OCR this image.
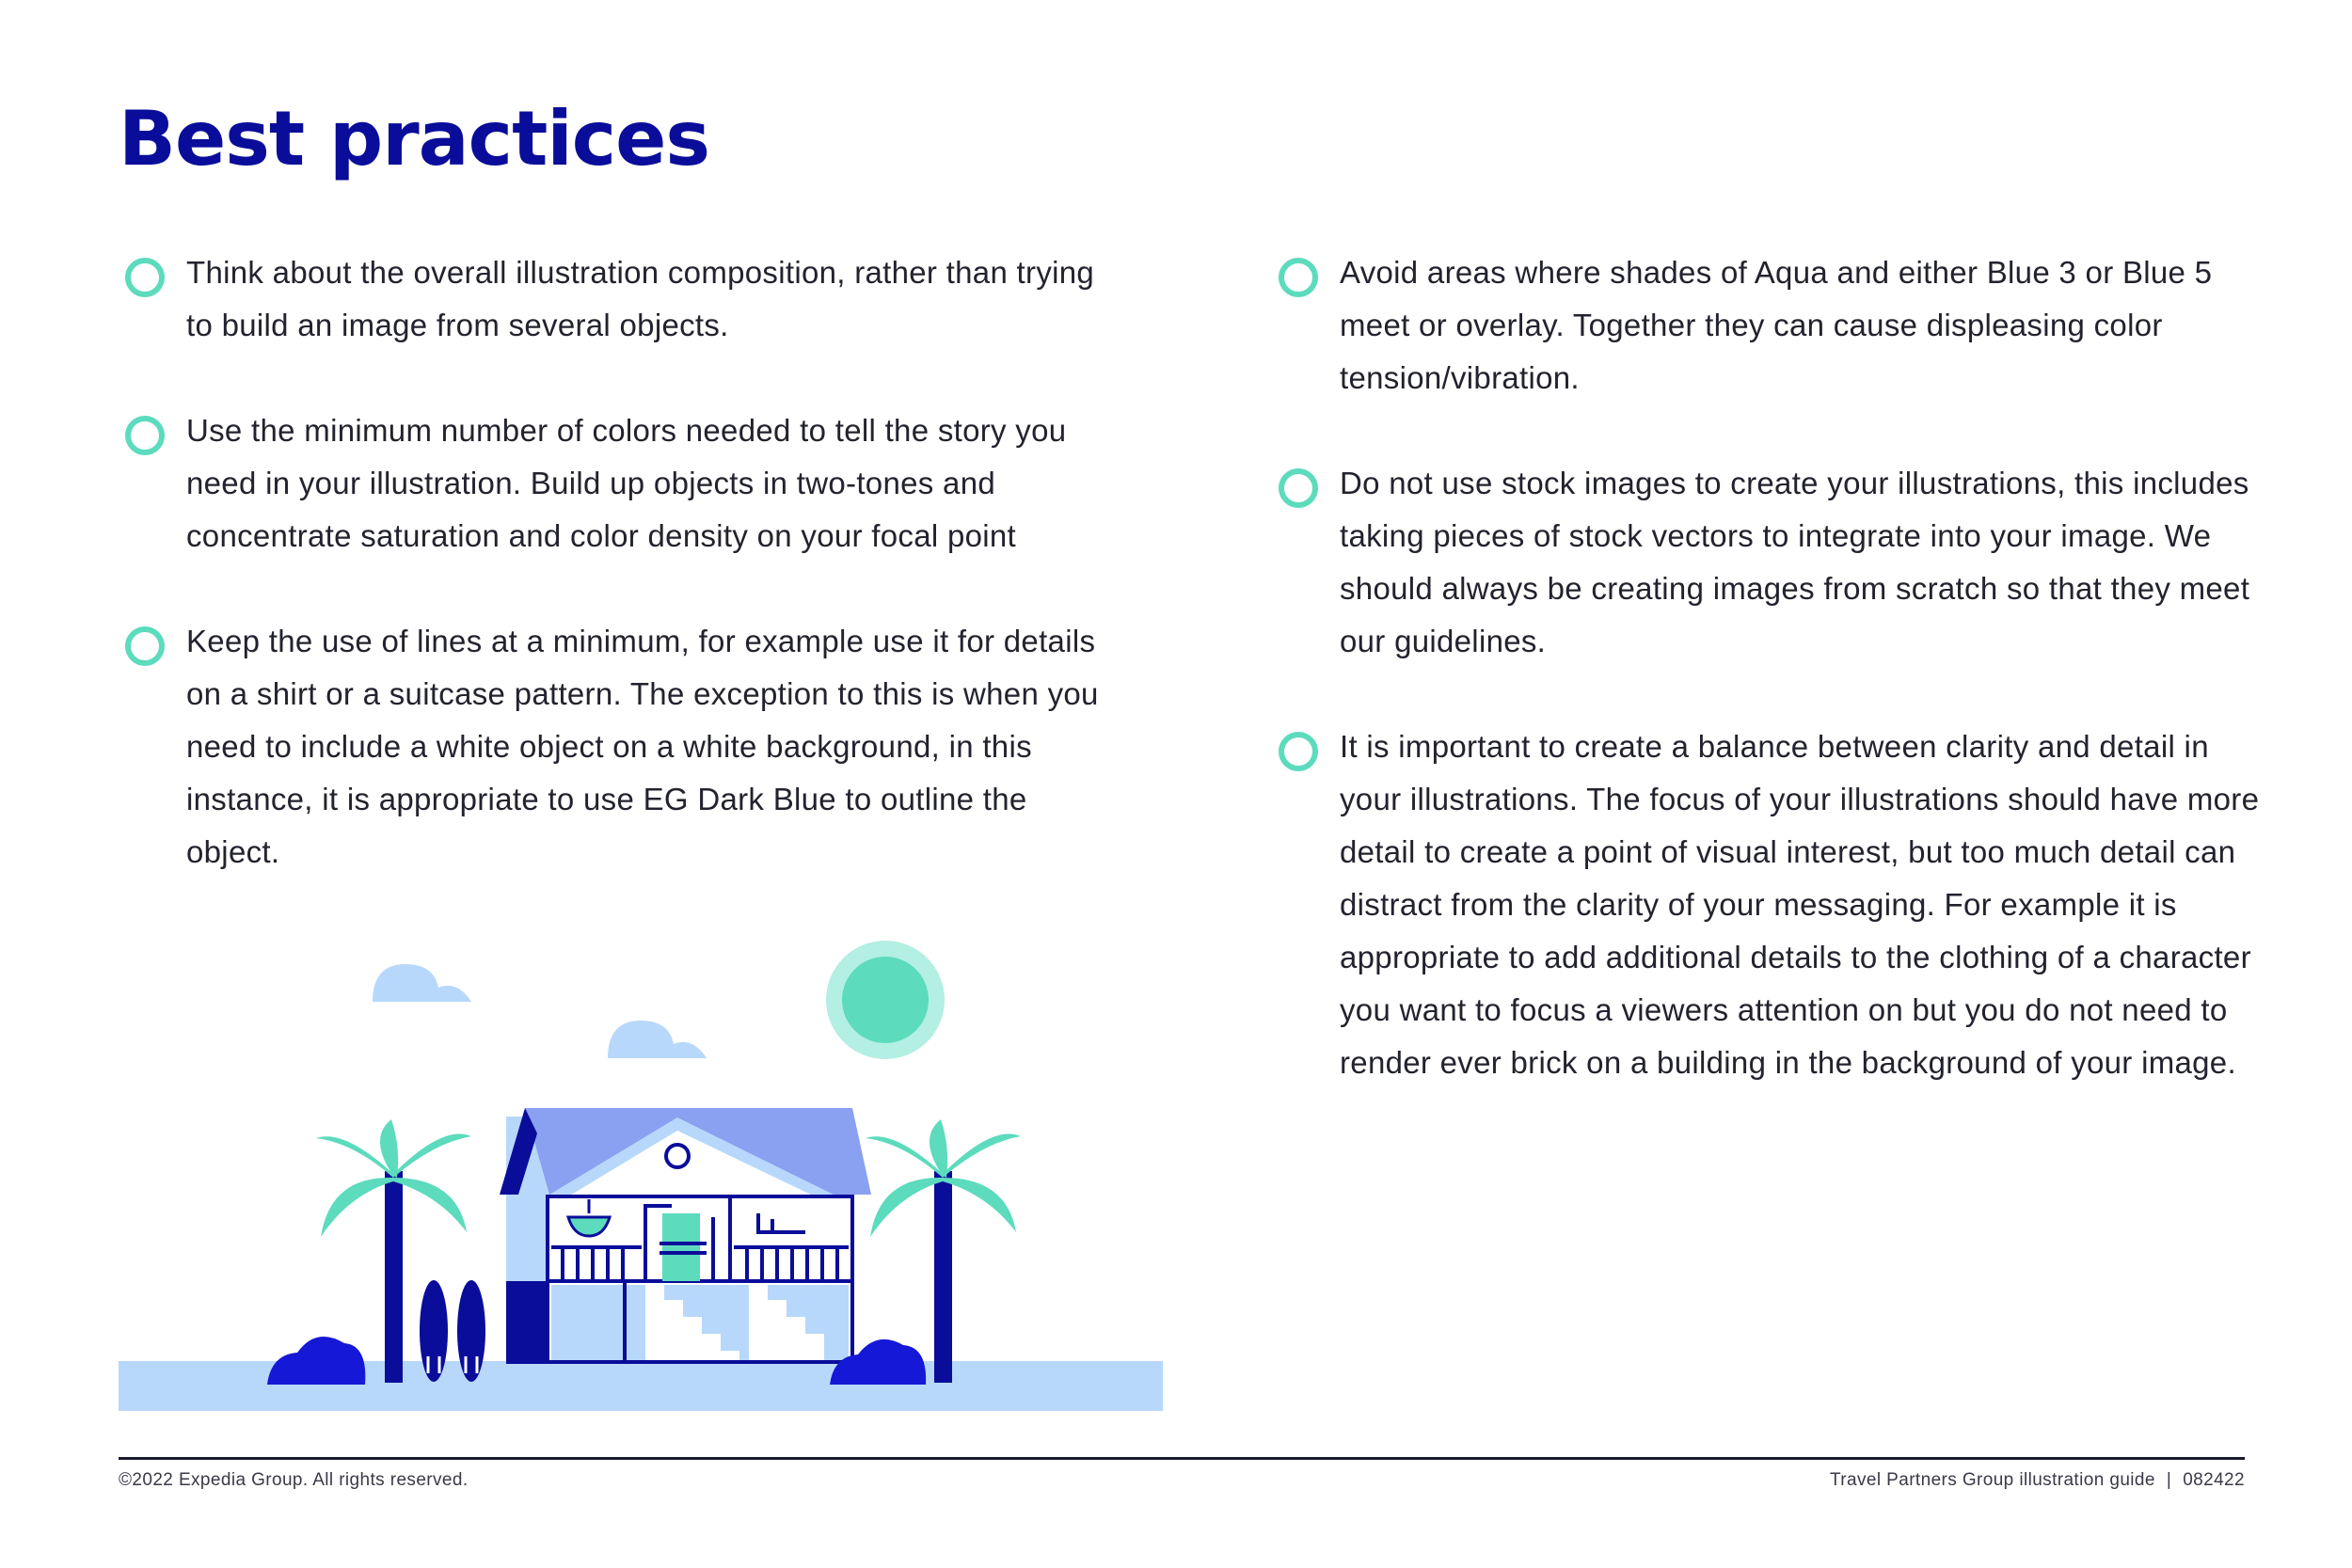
Best practices
Think about the overall illustration composition, rather than trying to build an image from several objects.
Use the minimum number of colors needed to tell the story you need in your illustration. Build up objects in two-tones and concentrate saturation and color density on your focal point
Keep the use of lines at a minimum, for example use it for details on a shirt or a suitcase pattern. The exception to this is when you need to include a white object on a white background, in this instance, it is appropriate to use EG Dark Blue to outline the object.
Avoid areas where shades of Aqua and either Blue 3 or Blue 5 meet or overlay. Together they can cause displeasing color tension/vibration.
Do not use stock images to create your illustrations, this includes taking pieces of stock vectors to integrate into your image. We should always be creating images from scratch so that they meet our guidelines.
It is important to create a balance between clarity and detail in your illustrations. The focus of your illustrations should have more detail to create a point of visual interest, but too much detail can distract from the clarity of your messaging. For example it is appropriate to add additional details to the clothing of a character you want to focus a viewers attention on but you do not need to render ever brick on a building in the background of your image.
©2022 Expedia Group. All rights reserved.	Travel Partners Group illustration guide | 082422
